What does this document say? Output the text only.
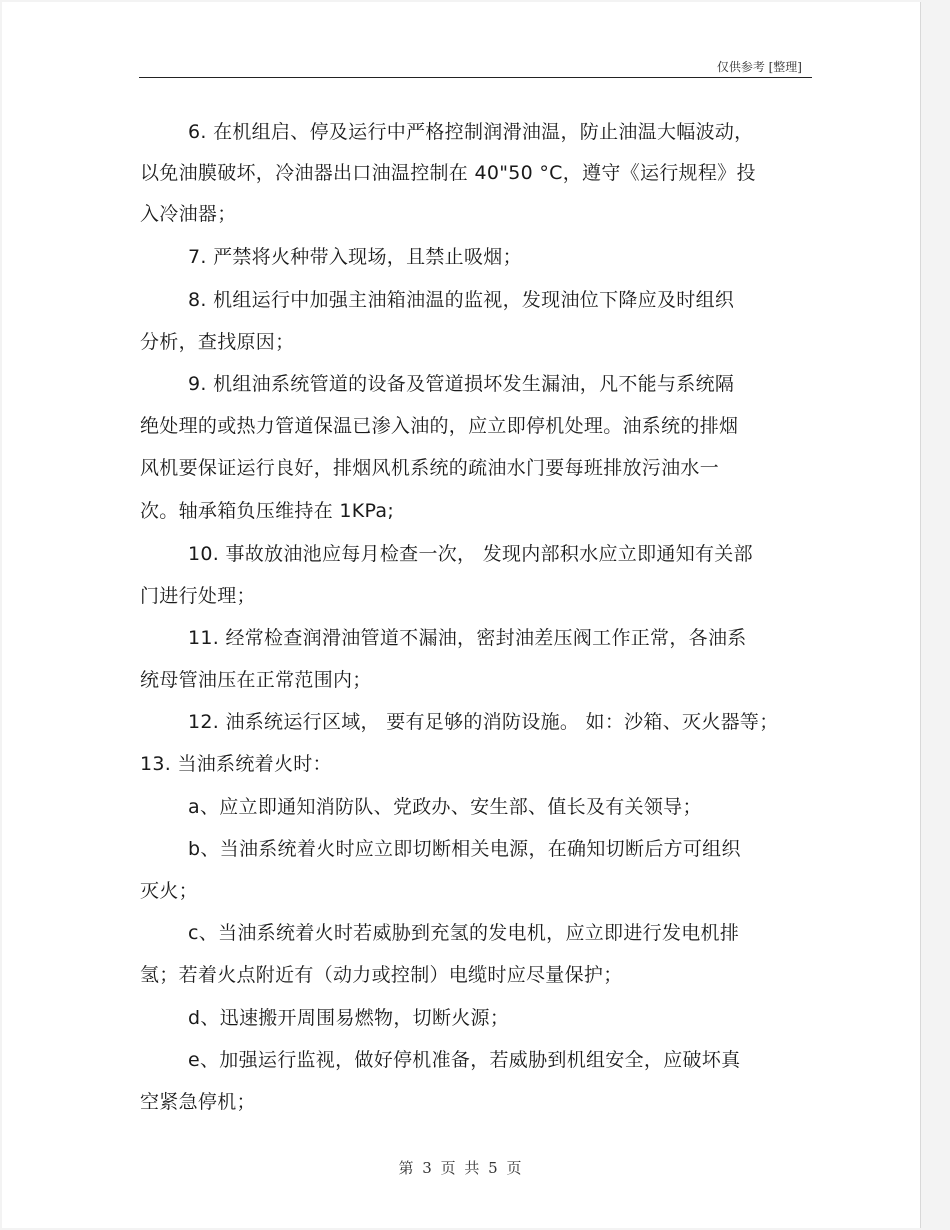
仅供参考 [整理]
6. 在机组启、停及运行中严格控制润滑油温，防止油温大幅波动，
以免油膜破坏，冷油器出口油温控制在 40"50 °C，遵守《运行规程》投
入冷油器；
7. 严禁将火种带入现场，且禁止吸烟；
8. 机组运行中加强主油箱油温的监视，发现油位下降应及时组织
分析，查找原因；
9. 机组油系统管道的设备及管道损坏发生漏油，凡不能与系统隔
绝处理的或热力管道保温已渗入油的，应立即停机处理。油系统的排烟
风机要保证运行良好，排烟风机系统的疏油水门要每班排放污油水一
次。轴承箱负压维持在 1KPa;
10. 事故放油池应每月检查一次， 发现内部积水应立即通知有关部
门进行处理；
11. 经常检查润滑油管道不漏油，密封油差压阀工作正常，各油系
统母管油压在正常范围内；
12. 油系统运行区域， 要有足够的消防设施。 如：沙箱、灭火器等；
13. 当油系统着火时：
a、应立即通知消防队、党政办、安生部、值长及有关领导；
b、当油系统着火时应立即切断相关电源，在确知切断后方可组织
灭火；
c、当油系统着火时若威胁到充氢的发电机，应立即进行发电机排
氢；若着火点附近有（动力或控制）电缆时应尽量保护；
d、迅速搬开周围易燃物，切断火源；
e、加强运行监视，做好停机准备，若威胁到机组安全，应破坏真
空紧急停机；
第 3 页 共 5 页
